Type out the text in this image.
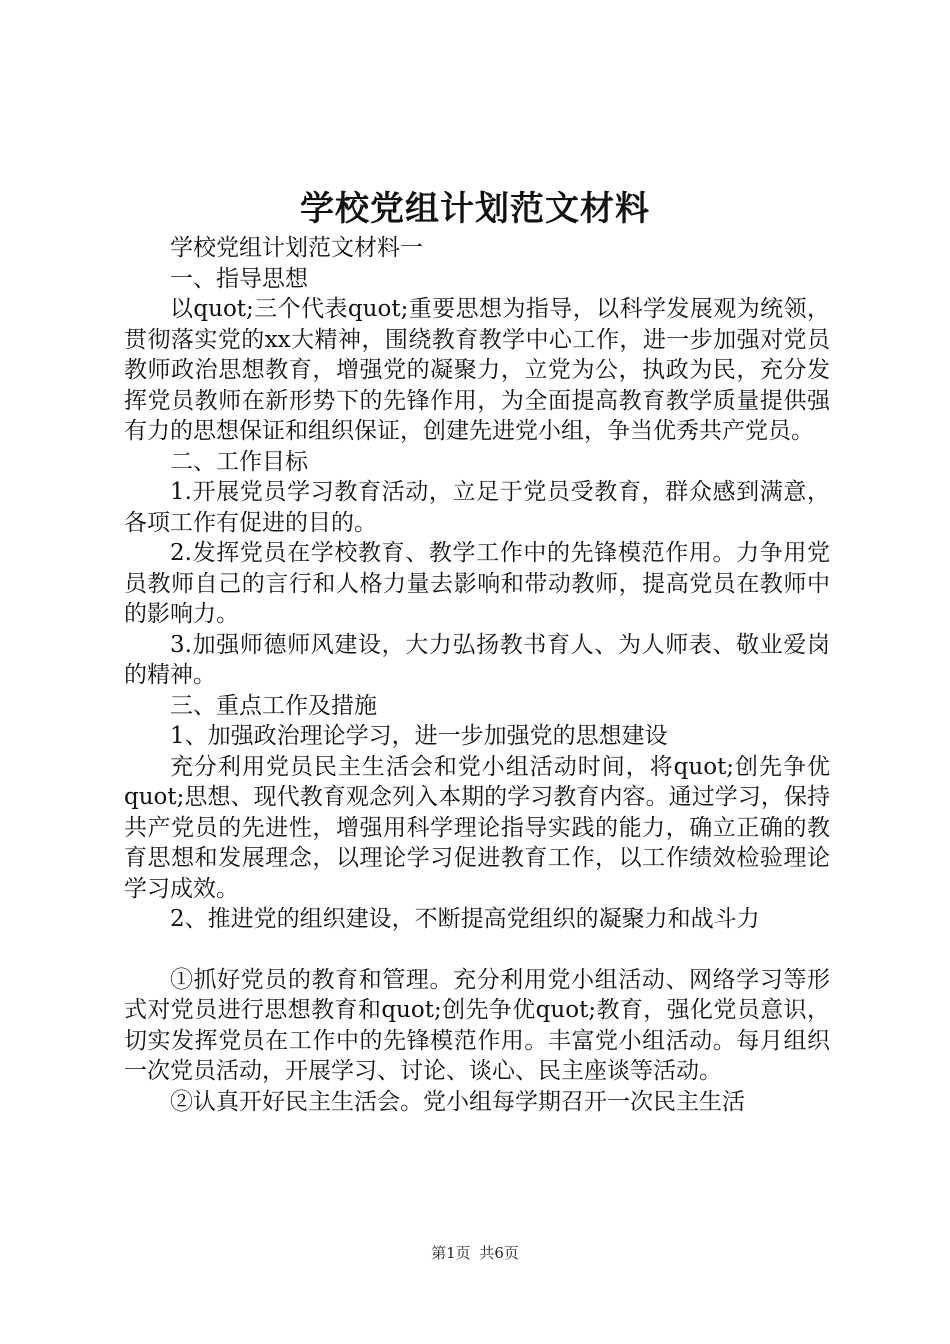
学校党组计划范文材料

学校党组计划范文材料一

一、指导思想

以quot;三个代表quot;重要思想为指导，以科学发展观为统领，贯彻落实党的xx大精神，围绕教育教学中心工作，进一步加强对党员教师政治思想教育，增强党的凝聚力，立党为公，执政为民，充分发挥党员教师在新形势下的先锋作用，为全面提高教育教学质量提供强有力的思想保证和组织保证，创建先进党小组，争当优秀共产党员。

二、工作目标

1.开展党员学习教育活动，立足于党员受教育，群众感到满意，各项工作有促进的目的。

2.发挥党员在学校教育、教学工作中的先锋模范作用。力争用党员教师自己的言行和人格力量去影响和带动教师，提高党员在教师中的影响力。

3.加强师德师风建设，大力弘扬教书育人、为人师表、敬业爱岗的精神。

三、重点工作及措施

1、加强政治理论学习，进一步加强党的思想建设

充分利用党员民主生活会和党小组活动时间，将quot;创先争优quot;思想、现代教育观念列入本期的学习教育内容。通过学习，保持共产党员的先进性，增强用科学理论指导实践的能力，确立正确的教育思想和发展理念，以理论学习促进教育工作，以工作绩效检验理论学习成效。

2、推进党的组织建设，不断提高党组织的凝聚力和战斗力

①抓好党员的教育和管理。充分利用党小组活动、网络学习等形式对党员进行思想教育和quot;创先争优quot;教育，强化党员意识，切实发挥党员在工作中的先锋模范作用。丰富党小组活动。每月组织一次党员活动，开展学习、讨论、谈心、民主座谈等活动。

②认真开好民主生活会。党小组每学期召开一次民主生活

第1页 共6页
